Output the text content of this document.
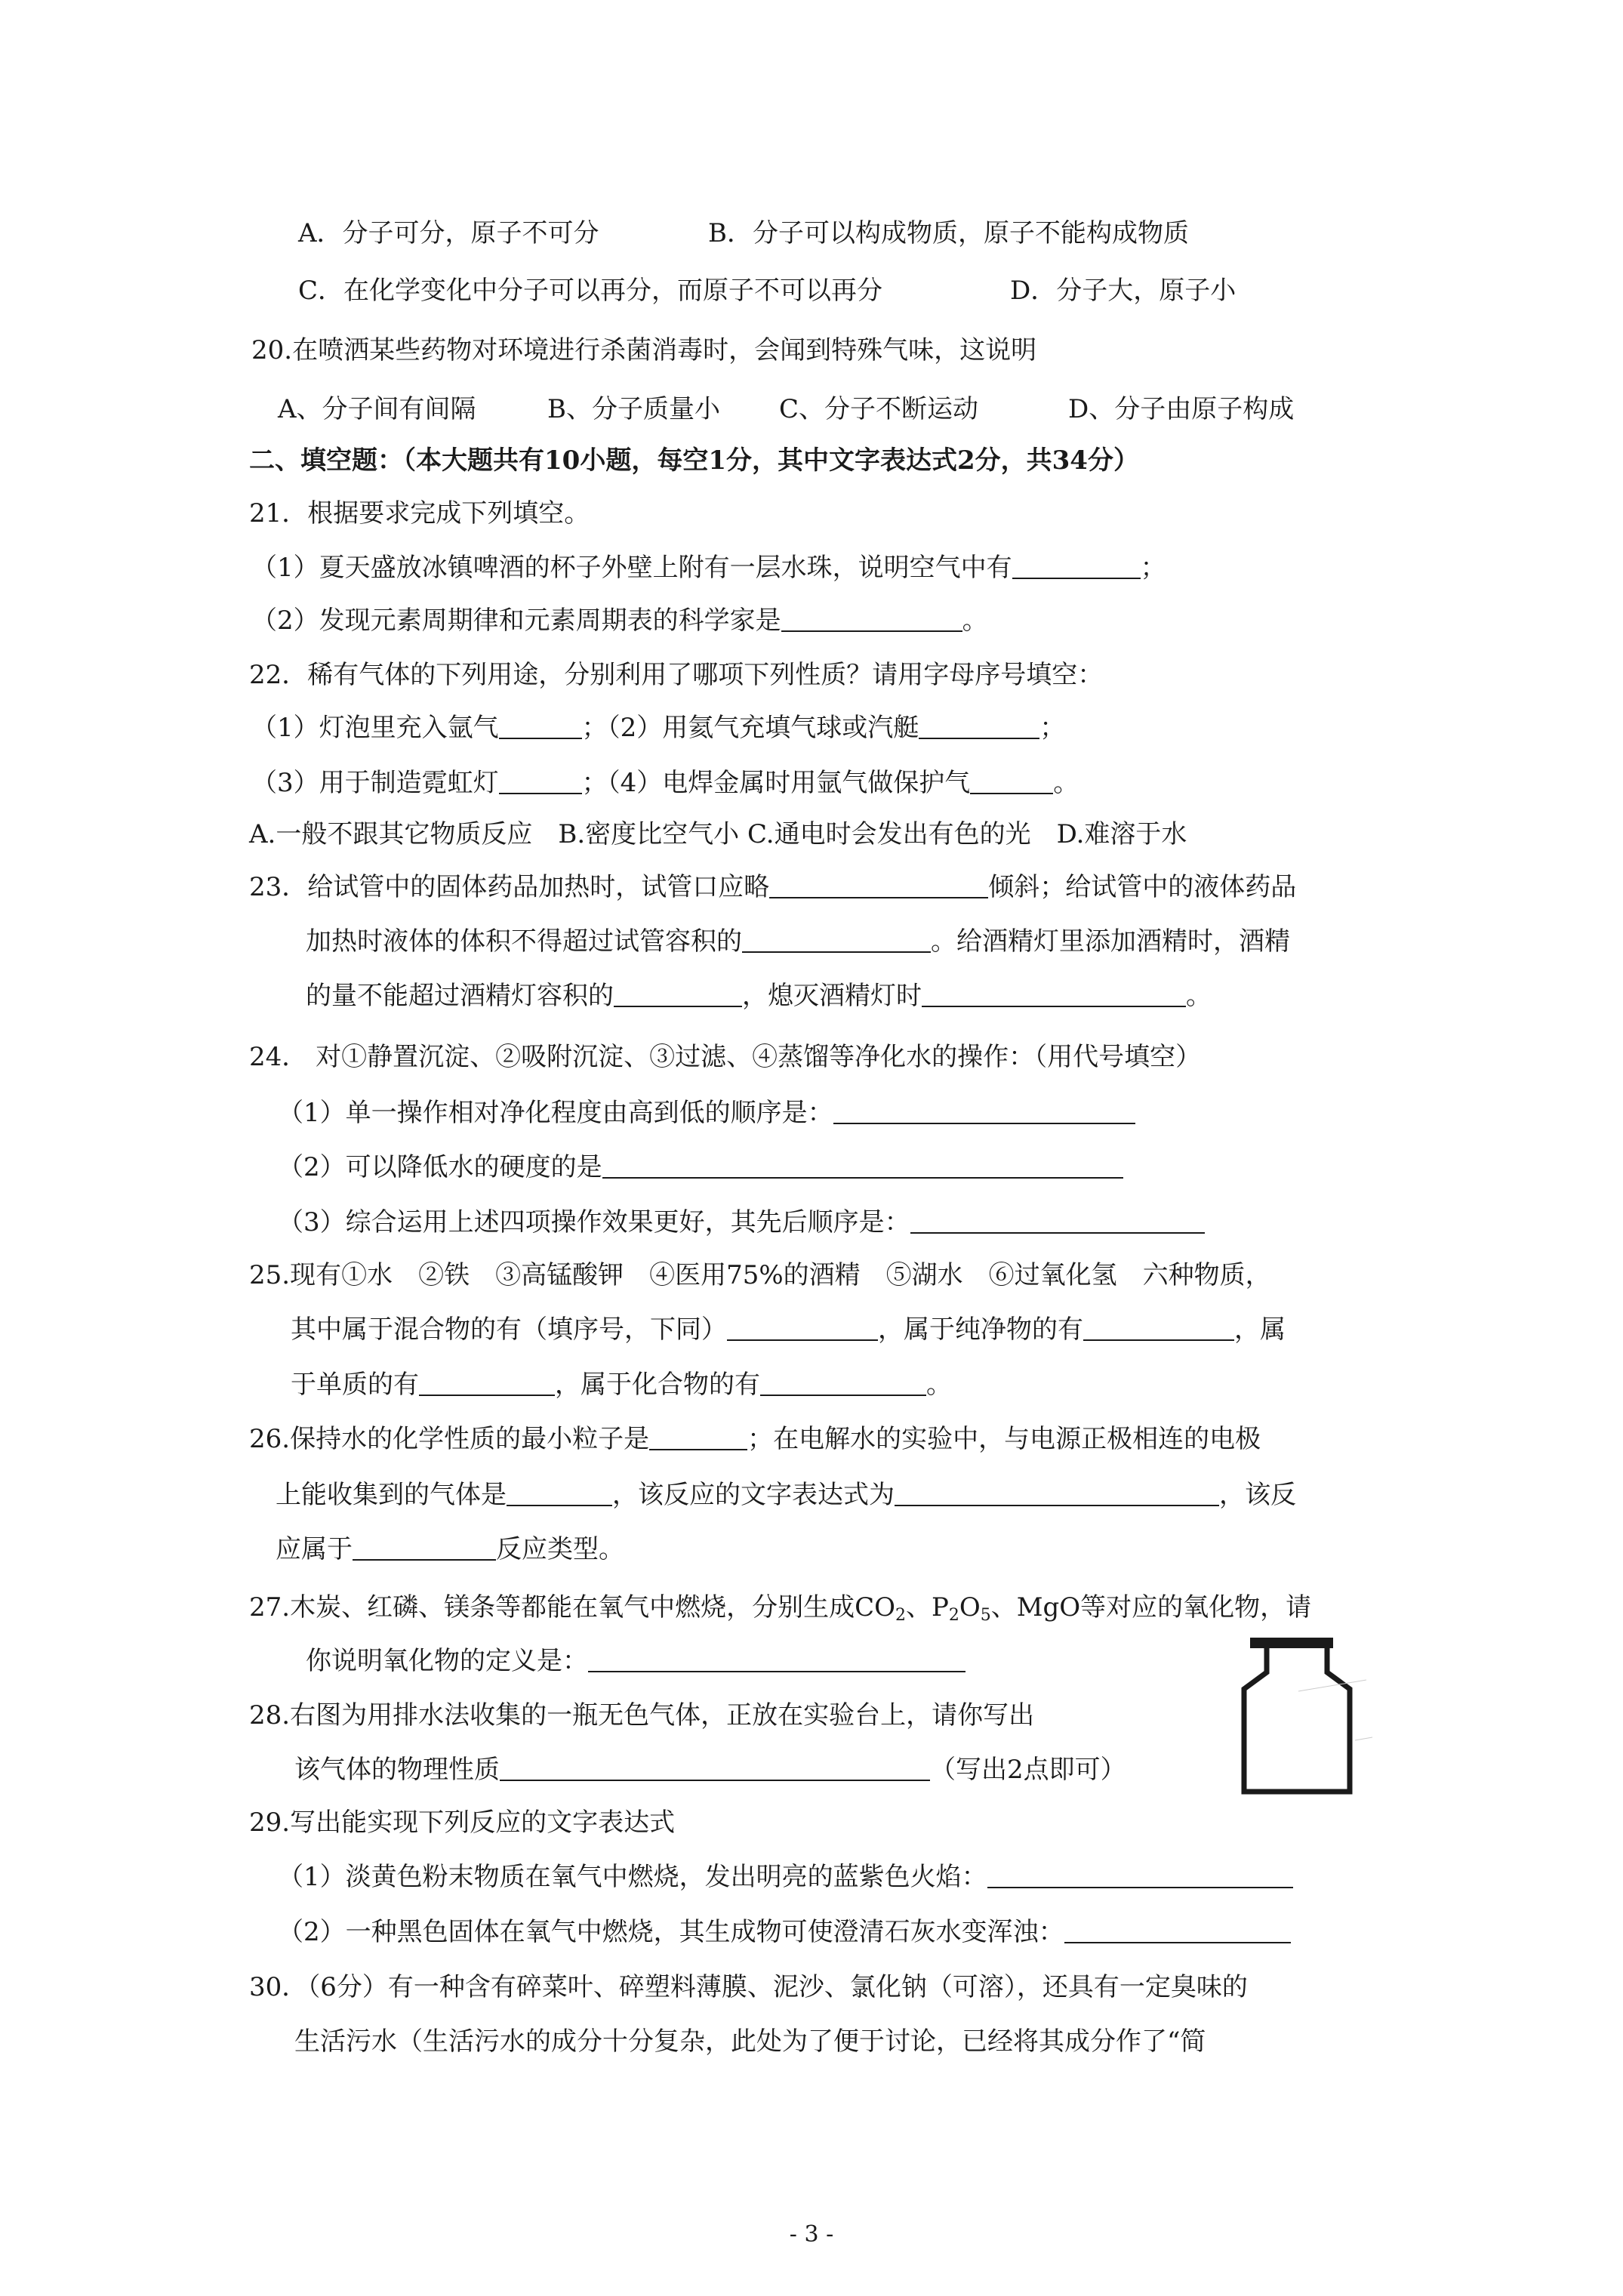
A．分子可分，原子不可分	B．分子可以构成物质，原子不能构成物质
C．在化学变化中分子可以再分，而原子不可以再分	D．分子大，原子小
20.在喷洒某些药物对环境进行杀菌消毒时，会闻到特殊气味，这说明
A、分子间有间隔	B、分子质量小 C、分子不断运动	D、分子由原子构成
二、填空题：（本大题共有10小题，每空1分，其中文字表达式2分，共34分）
21．根据要求完成下列填空。
（1）夏天盛放冰镇啤酒的杯子外壁上附有一层水珠，说明空气中有	；
（2）发现元素周期律和元素周期表的科学家是	。
22．稀有气体的下列用途，分别利用了哪项下列性质？请用字母序号填空：
（1）灯泡里充入氩气	；（2）用氦气充填气球或汽艇	；
（3）用于制造霓虹灯	；（4）电焊金属时用氩气做保护气	。
A.一般不跟其它物质反应　B.密度比空气小 C.通电时会发出有色的光　D.难溶于水
23．给试管中的固体药品加热时，试管口应略	倾斜；给试管中的液体药品
加热时液体的体积不得超过试管容积的	。给酒精灯里添加酒精时，酒精
的量不能超过酒精灯容积的	，熄灭酒精灯时	。
24． 对①静置沉淀、②吸附沉淀、③过滤、④蒸馏等净化水的操作：（用代号填空）
（1）单一操作相对净化程度由高到低的顺序是：
（2）可以降低水的硬度的是
（3）综合运用上述四项操作效果更好，其先后顺序是：
25.现有①水　②铁　③高锰酸钾　④医用75%的酒精　⑤湖水　⑥过氧化氢　六种物质，
其中属于混合物的有（填序号，下同）	，属于纯净物的有	，属
于单质的有	，属于化合物的有	。
26.保持水的化学性质的最小粒子是	；在电解水的实验中，与电源正极相连的电极
上能收集到的气体是	，该反应的文字表达式为	，该反
应属于	反应类型。
27.木炭、红磷、镁条等都能在氧气中燃烧，分别生成$CO_2$、$P_2O_5$、MgO等对应的氧化物，请
你说明氧化物的定义是：
28.右图为用排水法收集的一瓶无色气体，正放在实验台上，请你写出
该气体的物理性质	（写出2点即可）
29.写出能实现下列反应的文字表达式
（1）淡黄色粉末物质在氧气中燃烧，发出明亮的蓝紫色火焰：
（2）一种黑色固体在氧气中燃烧，其生成物可使澄清石灰水变浑浊：
30．（6分）有一种含有碎菜叶、碎塑料薄膜、泥沙、氯化钠（可溶），还具有一定臭味的
生活污水（生活污水的成分十分复杂，此处为了便于讨论，已经将其成分作了“简
- 3 -
